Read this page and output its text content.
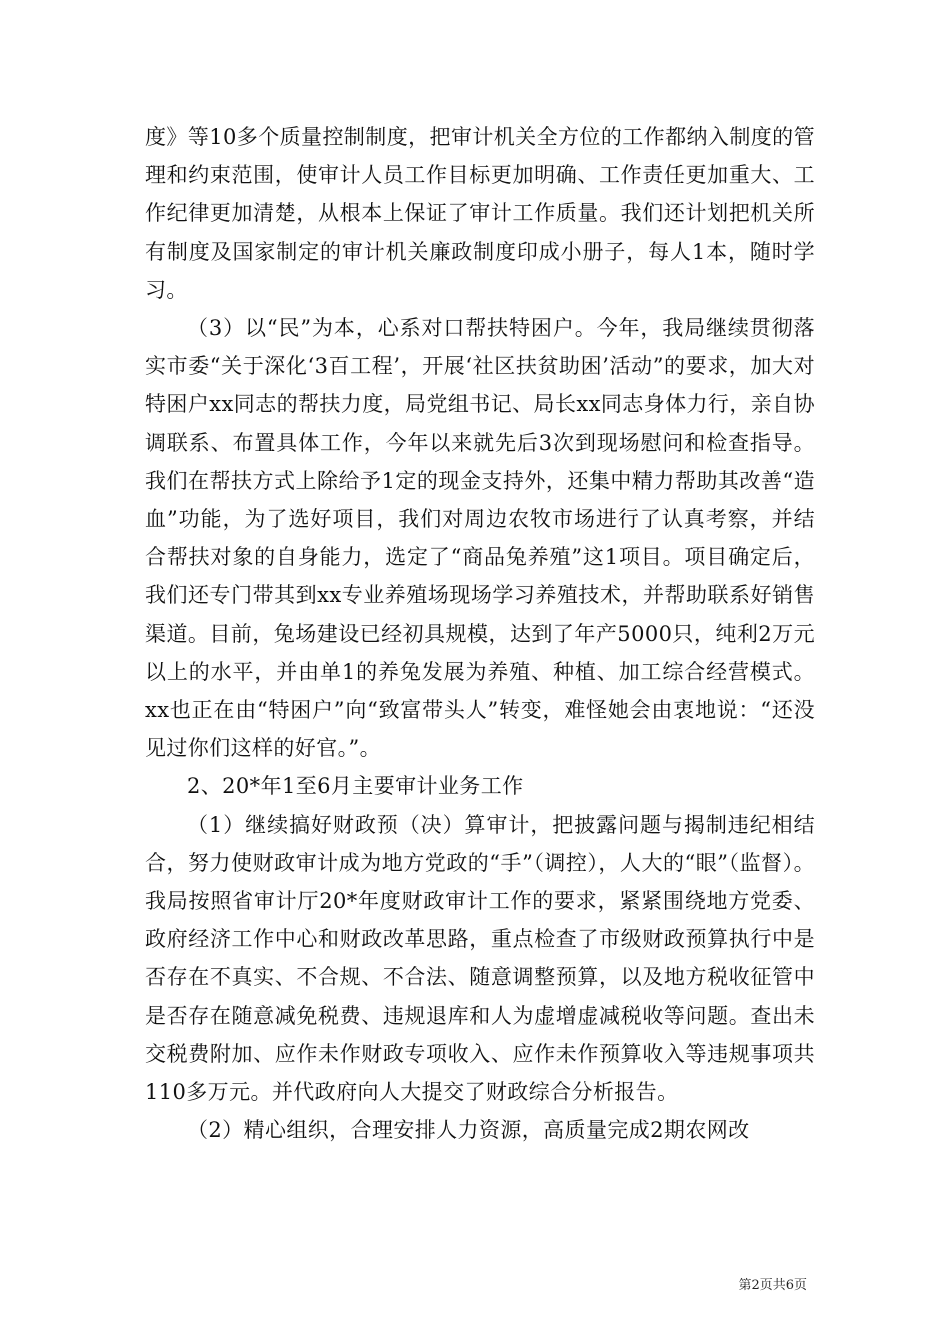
度》等10多个质量控制制度，把审计机关全方位的工作都纳入制度的管理和约束范围，使审计人员工作目标更加明确、工作责任更加重大、工作纪律更加清楚，从根本上保证了审计工作质量。我们还计划把机关所有制度及国家制定的审计机关廉政制度印成小册子，每人1本，随时学习。

（3）以“民”为本，心系对口帮扶特困户。今年，我局继续贯彻落实市委“关于深化‘3百工程’，开展‘社区扶贫助困’活动”的要求，加大对特困户xx同志的帮扶力度，局党组书记、局长xx同志身体力行，亲自协调联系、布置具体工作，今年以来就先后3次到现场慰问和检查指导。我们在帮扶方式上除给予1定的现金支持外，还集中精力帮助其改善“造血”功能，为了选好项目，我们对周边农牧市场进行了认真考察，并结合帮扶对象的自身能力，选定了“商品兔养殖”这1项目。项目确定后，我们还专门带其到xx专业养殖场现场学习养殖技术，并帮助联系好销售渠道。目前，兔场建设已经初具规模，达到了年产5000只，纯利2万元以上的水平，并由单1的养兔发展为养殖、种植、加工综合经营模式。xx也正在由“特困户”向“致富带头人”转变，难怪她会由衷地说：“还没见过你们这样的好官。”。

2、20*年1至6月主要审计业务工作

（1）继续搞好财政预（决）算审计，把披露问题与揭制违纪相结合，努力使财政审计成为地方党政的“手”（调控），人大的“眼”（监督）。我局按照省审计厅20*年度财政审计工作的要求，紧紧围绕地方党委、政府经济工作中心和财政改革思路，重点检查了市级财政预算执行中是否存在不真实、不合规、不合法、随意调整预算，以及地方税收征管中是否存在随意减免税费、违规退库和人为虚增虚减税收等问题。查出未交税费附加、应作未作财政专项收入、应作未作预算收入等违规事项共110多万元。并代政府向人大提交了财政综合分析报告。

（2）精心组织，合理安排人力资源，高质量完成2期农网改

第2页共6页
